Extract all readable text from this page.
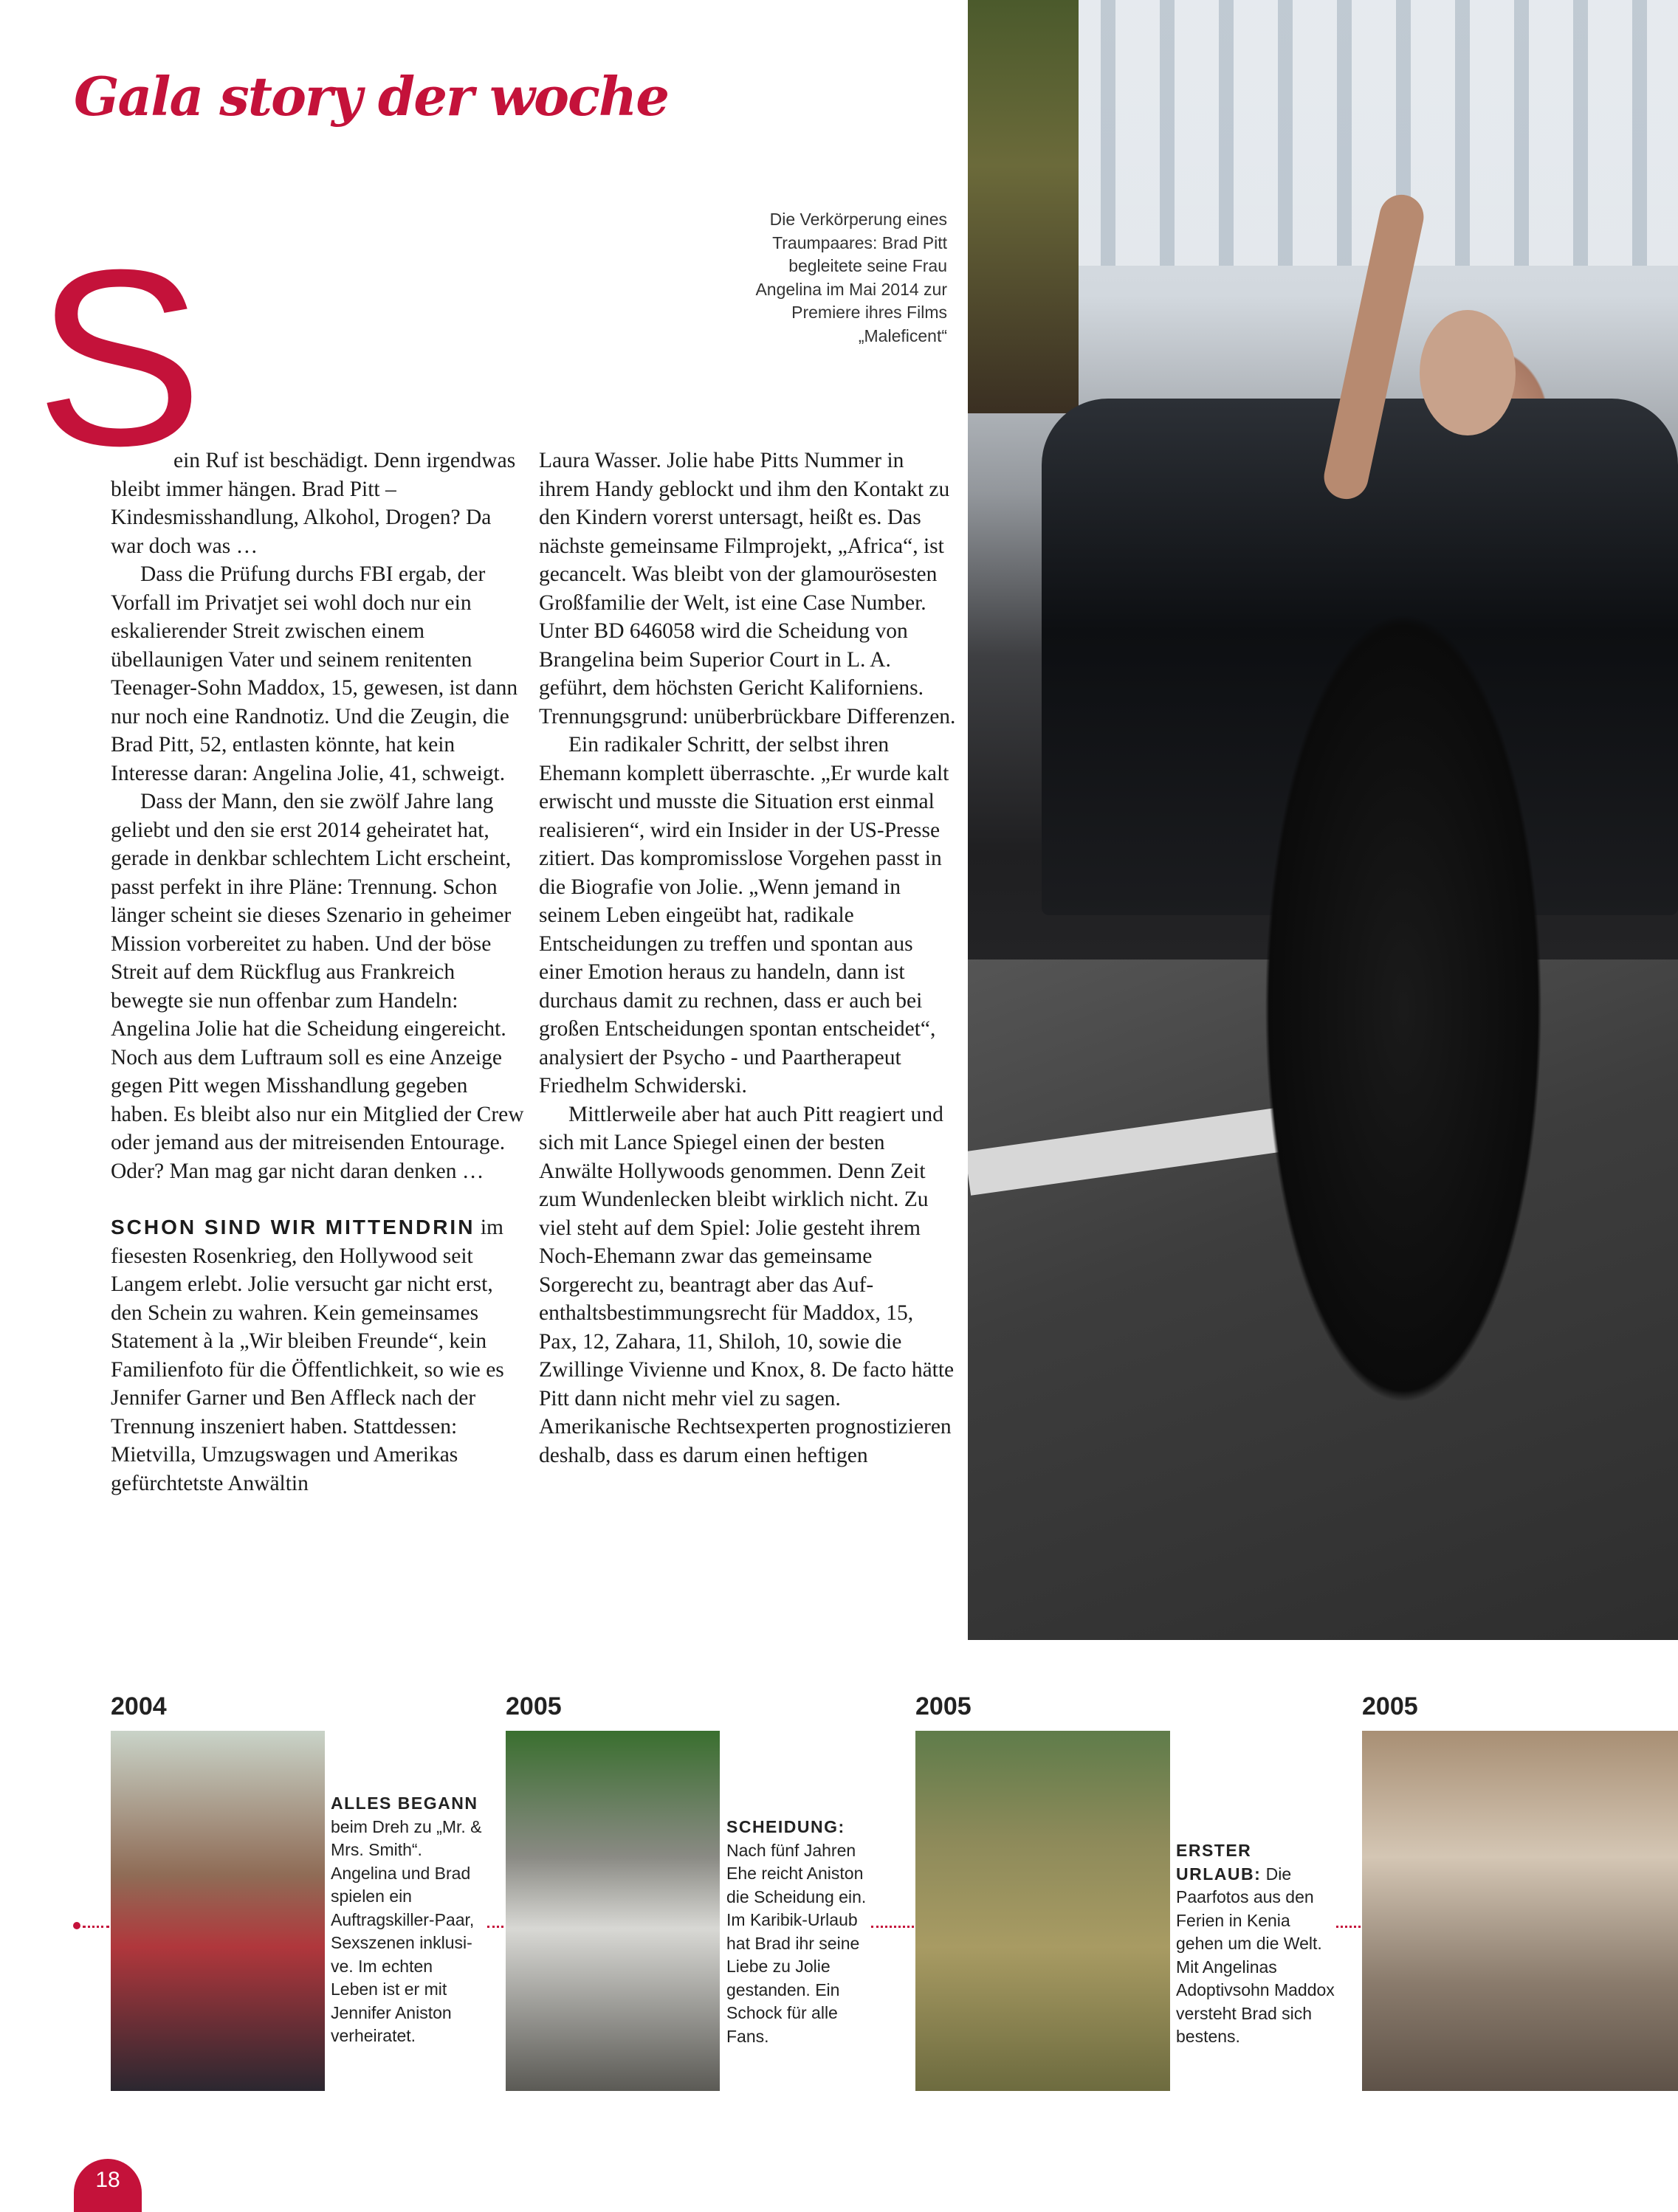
Gala story der woche
Die Verkörperung eines Traumpaares: Brad Pitt begleitete seine Frau Angelina im Mai 2014 zur Premiere ihres Films „Maleficent“
S

ein Ruf ist beschädigt. Denn irgendwas bleibt immer hängen. Brad Pitt – Kindesmisshandlung, Alkohol, Drogen? Da war doch was …

Dass die Prüfung durchs FBI ergab, der Vorfall im Privatjet sei wohl doch nur ein eskalierender Streit zwischen einem übellaunigen Vater und seinem renitenten Teenager-Sohn Maddox, 15, gewesen, ist dann nur noch eine Randnotiz. Und die Zeugin, die Brad Pitt, 52, entlasten könnte, hat kein Interesse daran: Angelina Jolie, 41, schweigt.

Dass der Mann, den sie zwölf Jahre lang geliebt und den sie erst 2014 geheiratet hat, gerade in denkbar schlechtem Licht erscheint, passt perfekt in ihre Pläne: Trennung. Schon länger scheint sie dieses Szenario in geheimer Mission vorbereitet zu haben. Und der böse Streit auf dem Rückflug aus Frankreich bewegte sie nun offenbar zum Handeln: Angelina Jolie hat die Scheidung eingereicht. Noch aus dem Luftraum soll es eine Anzeige gegen Pitt wegen Misshandlung gegeben haben. Es bleibt also nur ein Mitglied der Crew oder jemand aus der mitreisenden Entourage. Oder? Man mag gar nicht daran denken …

SCHON SIND WIR MITTENDRIN im fiesesten Rosenkrieg, den Hollywood seit Langem erlebt. Jolie versucht gar nicht erst, den Schein zu wahren. Kein gemeinsames Statement à la „Wir bleiben Freunde“, kein Familienfoto für die Öffentlichkeit, so wie es Jennifer Garner und Ben Affleck nach der Trennung inszeniert haben. Stattdessen: Mietvilla, Umzugswagen und Amerikas gefürchtetste Anwältin

Laura Wasser. Jolie habe Pitts Nummer in ihrem Handy geblockt und ihm den Kontakt zu den Kindern vorerst untersagt, heißt es. Das nächste gemeinsame Filmprojekt, „Africa“, ist gecancelt. Was bleibt von der glamourösesten Großfamilie der Welt, ist eine Case Number. Unter BD 646058 wird die Scheidung von Brangelina beim Superior Court in L. A. geführt, dem höchsten Gericht Kaliforniens. Trennungsgrund: unüberbrückbare Differenzen.

Ein radikaler Schritt, der selbst ihren Ehemann komplett überraschte. „Er wurde kalt erwischt und musste die Situation erst einmal realisieren“, wird ein Insider in der US-Presse zitiert. Das kompromisslose Vorgehen passt in die Biografie von Jolie. „Wenn jemand in seinem Leben eingeübt hat, radikale Entscheidungen zu treffen und spontan aus einer Emotion heraus zu handeln, dann ist durchaus damit zu rechnen, dass er auch bei großen Entscheidungen spontan entscheidet“, analysiert der Psycho - und Paartherapeut Friedhelm Schwiderski.

Mittlerweile aber hat auch Pitt reagiert und sich mit Lance Spiegel einen der besten Anwälte Hollywoods genommen. Denn Zeit zum Wundenlecken bleibt wirklich nicht. Zu viel steht auf dem Spiel: Jolie gesteht ihrem Noch-Ehemann zwar das gemeinsame Sorgerecht zu, beantragt aber das Aufenthaltsbestimmungsrecht für Maddox, 15, Pax, 12, Zahara, 11, Shiloh, 10, sowie die Zwillinge Vivienne und Knox, 8. De facto hätte Pitt dann nicht mehr viel zu sagen. Amerikanische Rechtsexperten prognostizieren deshalb, dass es darum einen heftigen

2004	2005	2005	2005
ALLES BEGANN beim Dreh zu „Mr. & Mrs. Smith“. Angelina und Brad spielen ein Auftragskiller-Paar, Sexszenen inklusive. Im echten Leben ist er mit Jennifer Aniston verheiratet.
SCHEIDUNG: Nach fünf Jahren Ehe reicht Aniston die Scheidung ein. Im Karibik-Urlaub hat Brad ihr seine Liebe zu Jolie gestanden. Ein Schock für alle Fans.
ERSTER URLAUB: Die Paarfotos aus den Ferien in Kenia gehen um die Welt. Mit Angelinas Adoptivsohn Maddox versteht Brad sich bestens.
18
